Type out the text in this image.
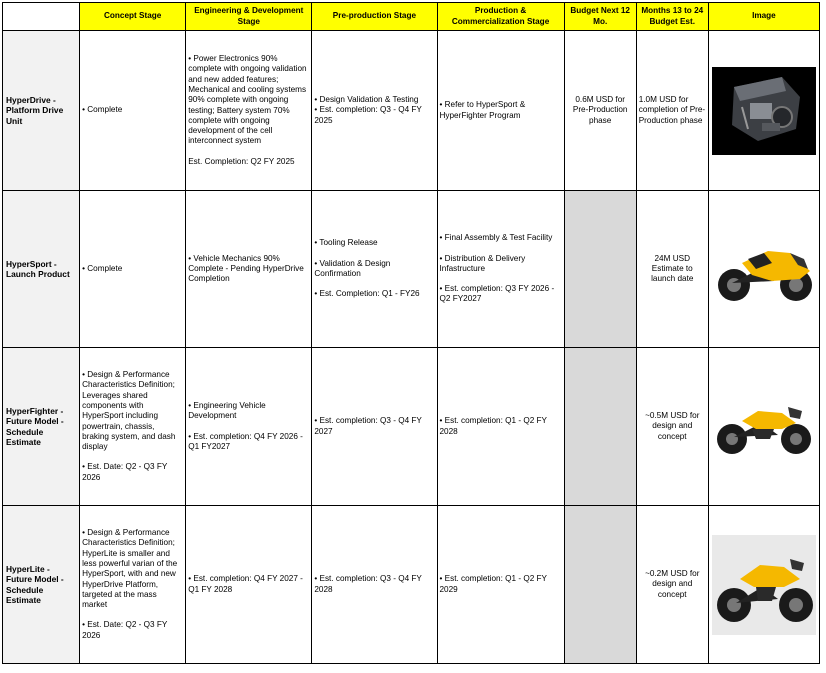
	Concept Stage	Engineering & Development Stage	Pre-production Stage	Production & Commercialization Stage	Budget Next 12 Mo.	Months 13 to 24 Budget Est.	Image
HyperDrive - Platform Drive Unit	• Complete	• Power Electronics 90% complete with ongoing validation and new added features; Mechanical and cooling systems 90% complete with ongoing testing; Battery system 70% complete with ongoing development of the cell interconnect system
Est. Completion: Q2 FY 2025	• Design Validation & Testing
• Est. completion: Q3 - Q4 FY 2025	• Refer to HyperSport & HyperFighter Program	0.6M USD for Pre-Production phase	1.0M USD for completion of Pre-Production phase	

HyperSport - Launch Product	• Complete	• Vehicle Mechanics 90% Complete - Pending HyperDrive Completion	• Tooling Release
• Validation & Design Confirmation
• Est. Completion: Q1 - FY26	• Final Assembly & Test Facility
• Distribution & Delivery Infastructure
• Est. completion: Q3 FY 2026 - Q2 FY2027		24M USD Estimate to launch date	

HyperFighter - Future Model - Schedule Estimate	• Design & Performance Characteristics Definition; Leverages shared components with HyperSport including powertrain, chassis, braking system, and dash display
• Est. Date: Q2 - Q3 FY 2026	• Engineering Vehicle Development
• Est. completion: Q4 FY 2026 - Q1 FY2027	• Est. completion: Q3 - Q4 FY 2027	• Est. completion: Q1 - Q2 FY 2028		~0.5M USD for design and concept	

HyperLite - Future Model - Schedule Estimate	• Design & Performance Characteristics Definition; HyperLite is smaller and less powerful varian of the HyperSport, with and new HyperDrive Platform, targeted at the mass market
• Est. Date: Q2 - Q3 FY 2026	• Est. completion: Q4 FY 2027 - Q1 FY 2028	• Est. completion: Q3 - Q4 FY 2028	• Est. completion: Q1 - Q2 FY 2029		~0.2M USD for design and concept	
